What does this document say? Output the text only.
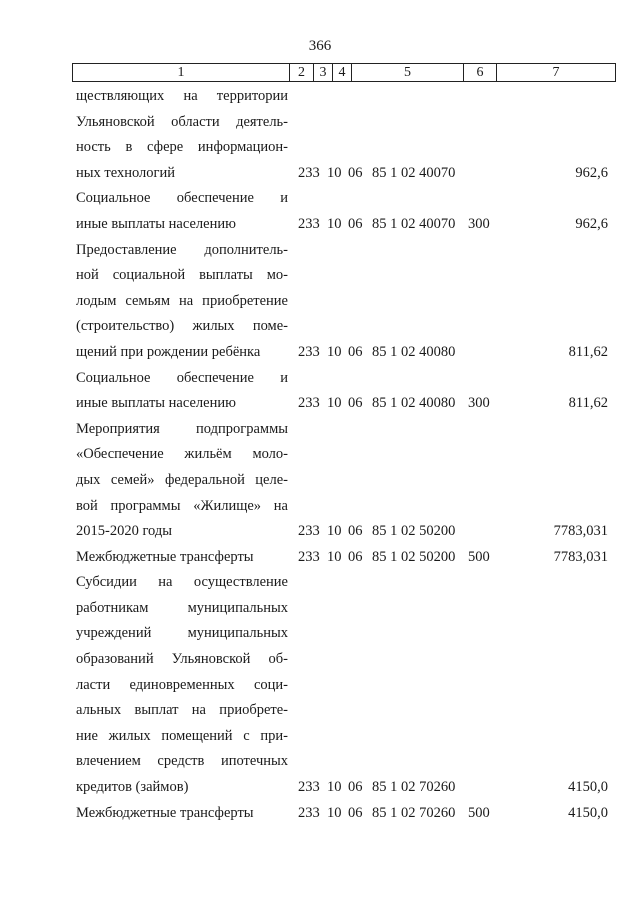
366
1	2	3	4	5	6	7
ществляющих на территории
Ульяновской области деятель-
ность в сфере информацион-
ных технологий	233 10 06 85 1 02 40070	962,6
Социальное обеспечение и
иные выплаты населению	233 10 06 85 1 02 40070 300	962,6
Предоставление дополнитель-
ной социальной выплаты мо-
лодым семьям на приобретение
(строительство) жилых поме-
щений при рождении ребёнка	233 10 06 85 1 02 40080	811,62
Социальное обеспечение и
иные выплаты населению	233 10 06 85 1 02 40080 300	811,62
Мероприятия подпрограммы
«Обеспечение жильём моло-
дых семей» федеральной целе-
вой программы «Жилище» на
2015-2020 годы	233 10 06 85 1 02 50200	7783,031
Межбюджетные трансферты	233 10 06 85 1 02 50200 500	7783,031
Субсидии на осуществление
работникам муниципальных
учреждений муниципальных
образований Ульяновской об-
ласти единовременных соци-
альных выплат на приобрете-
ние жилых помещений с при-
влечением средств ипотечных
кредитов (займов)	233 10 06 85 1 02 70260	4150,0
Межбюджетные трансферты	233 10 06 85 1 02 70260 500	4150,0
